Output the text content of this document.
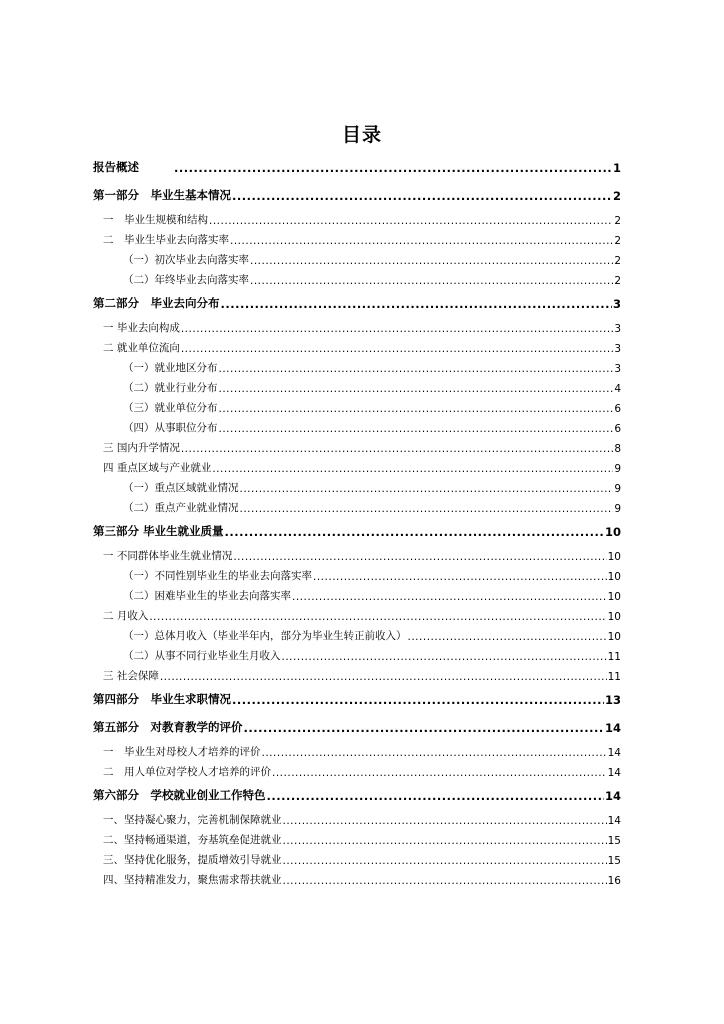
目录
报告概述 .....	1
第一部分　毕业生基本情况 .....	2
一　毕业生规模和结构 .....	2
二　毕业生毕业去向落实率 .....	2
（一）初次毕业去向落实率 .....	2
（二）年终毕业去向落实率 .....	2
第二部分　毕业去向分布 .....	3
一 毕业去向构成 .....	3
二 就业单位流向 .....	3
（一）就业地区分布 .....	3
（二）就业行业分布 .....	4
（三）就业单位分布 .....	6
（四）从事职位分布 .....	6
三 国内升学情况 .....	8
四 重点区域与产业就业 .....	9
（一）重点区域就业情况 .....	9
（二）重点产业就业情况 .....	9
第三部分 毕业生就业质量 .....	10
一 不同群体毕业生就业情况 .....	10
（一）不同性别毕业生的毕业去向落实率 .....	10
（二）困难毕业生的毕业去向落实率 .....	10
二 月收入 .....	10
（一）总体月收入（毕业半年内，部分为毕业生转正前收入） .....	10
（二）从事不同行业毕业生月收入 .....	11
三 社会保障 .....	11
第四部分　毕业生求职情况 .....	13
第五部分　对教育教学的评价 .....	14
一　毕业生对母校人才培养的评价 .....	14
二　用人单位对学校人才培养的评价 .....	14
第六部分　学校就业创业工作特色 .....	14
一、坚持凝心聚力，完善机制保障就业 .....	14
二、坚持畅通渠道，夯基筑垒促进就业 .....	15
三、坚持优化服务，提质增效引导就业 .....	15
四、坚持精准发力，聚焦需求帮扶就业 .....	16
